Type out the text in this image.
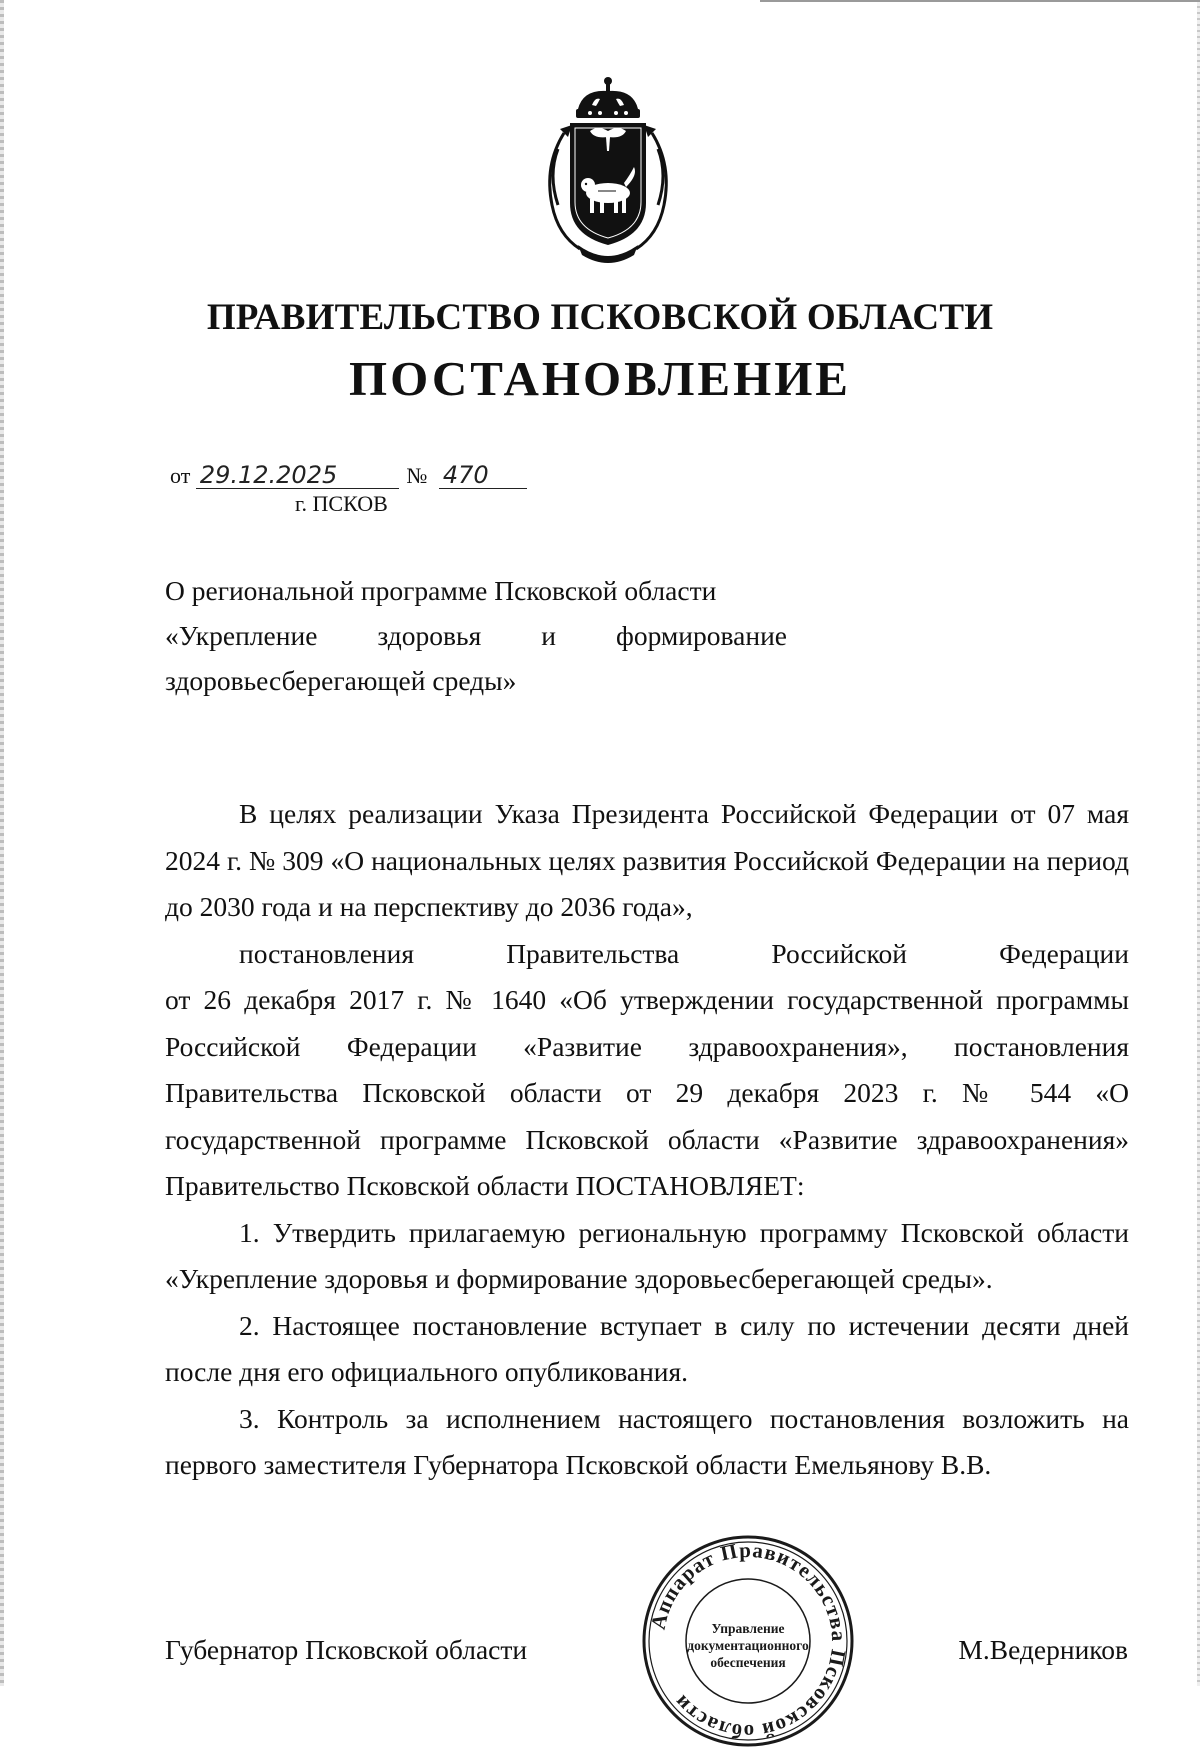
ПРАВИТЕЛЬСТВО ПСКОВСКОЙ ОБЛАСТИ
ПОСТАНОВЛЕНИЕ
от 29.12.2025	№ 470
г. ПСКОВ

О региональной программе Псковской области

«Укрепление здоровья и формирование

здоровьесберегающей среды»

В целях реализации Указа Президента Российской Федерации от 07 мая 2024 г. № 309 «О национальных целях развития Российской Федерации на период до 2030 года и на перспективу до 2036 года»,
постановления Правительства Российской Федерации
от 26 декабря 2017 г. № 1640 «Об утверждении государственной программы Российской Федерации «Развитие здравоохранения», постановления Правительства Псковской области от 29 декабря 2023 г. № 544 «О государственной программе Псковской области «Развитие здравоохранения» Правительство Псковской области ПОСТАНОВЛЯЕТ:

1. Утвердить прилагаемую региональную программу Псковской области «Укрепление здоровья и формирование здоровьесберегающей среды».

2. Настоящее постановление вступает в силу по истечении десяти дней после дня его официального опубликования.

3. Контроль за исполнением настоящего постановления возложить на первого заместителя Губернатора Псковской области Емельянову В.В.

Аппарат Правительства Псковской области
Управление
документационного
обеспечения
Губернатор Псковской области	М.Ведерников
